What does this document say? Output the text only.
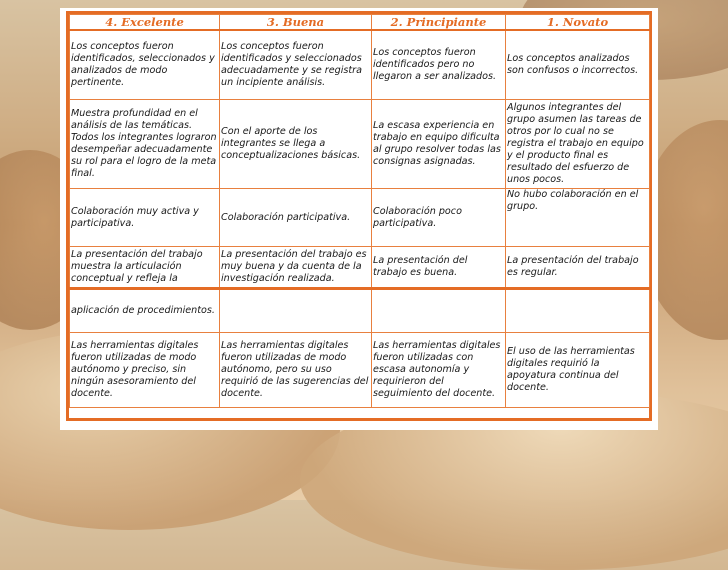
4. Excelente	3. Buena	2. Principiante	1. Novato
Los conceptos fueron identificados, seleccionados y analizados de modo pertinente.	Los conceptos fueron identificados y seleccionados adecuadamente y se registra un incipiente análisis.	Los conceptos fueron identificados pero no llegaron a ser analizados.	Los conceptos analizados son confusos o incorrectos.
Muestra profundidad en el análisis de las temáticas. Todos los integrantes lograron desempeñar adecuadamente su rol para el logro de la meta final.	Con el aporte de los integrantes se llega a conceptualizaciones básicas.	La escasa experiencia en trabajo en equipo dificulta al grupo resolver todas las consignas asignadas.	Algunos integrantes del grupo asumen las tareas de otros por lo cual no se registra el trabajo en equipo y el producto final es resultado del esfuerzo de unos pocos.
Colaboración muy activa y participativa.	Colaboración participativa.	Colaboración poco participativa.	No hubo colaboración en el grupo.
La presentación del trabajo muestra la articulación conceptual y refleja la	La presentación del trabajo es muy buena y da cuenta de la investigación realizada.	La presentación del trabajo es buena.	La presentación del trabajo es regular.
aplicación de procedimientos.			
Las herramientas digitales fueron utilizadas de modo autónomo y preciso, sin ningún asesoramiento del docente.	Las herramientas digitales fueron utilizadas de modo autónomo, pero su uso requirió de las sugerencias del docente.	Las herramientas digitales fueron utilizadas con escasa autonomía y requirieron del seguimiento del docente.	El uso de las herramientas digitales requirió la apoyatura continua del docente.
